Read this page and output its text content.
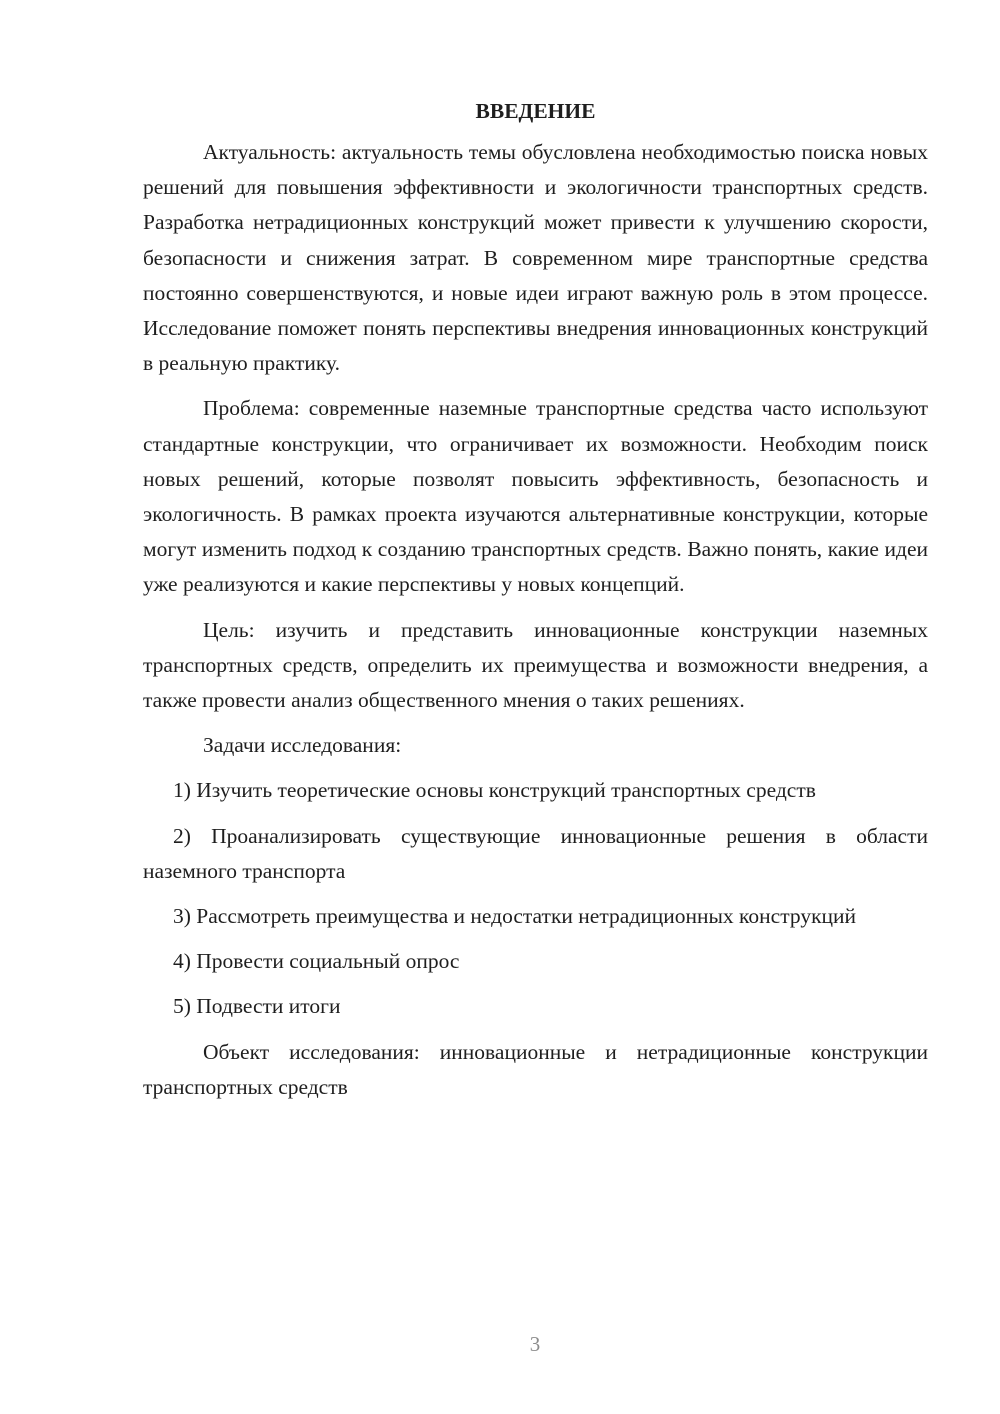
ВВЕДЕНИЕ

Актуальность: актуальность темы обусловлена необходимостью поиска новых решений для повышения эффективности и экологичности транспортных средств. Разработка нетрадиционных конструкций может привести к улучшению скорости, безопасности и снижения затрат. В современном мире транспортные средства постоянно совершенствуются, и новые идеи играют важную роль в этом процессе. Исследование поможет понять перспективы внедрения инновационных конструкций в реальную практику.

Проблема: современные наземные транспортные средства часто используют стандартные конструкции, что ограничивает их возможности. Необходим поиск новых решений, которые позволят повысить эффективность, безопасность и экологичность. В рамках проекта изучаются альтернативные конструкции, которые могут изменить подход к созданию транспортных средств. Важно понять, какие идеи уже реализуются и какие перспективы у новых концепций.

Цель: изучить и представить инновационные конструкции наземных транспортных средств, определить их преимущества и возможности внедрения, а также провести анализ общественного мнения о таких решениях.

Задачи исследования:

1) Изучить теоретические основы конструкций транспортных средств

2) Проанализировать существующие инновационные решения в области наземного транспорта

3) Рассмотреть преимущества и недостатки нетрадиционных конструкций

4) Провести социальный опрос

5) Подвести итоги

Объект исследования: инновационные и нетрадиционные конструкции транспортных средств

3
